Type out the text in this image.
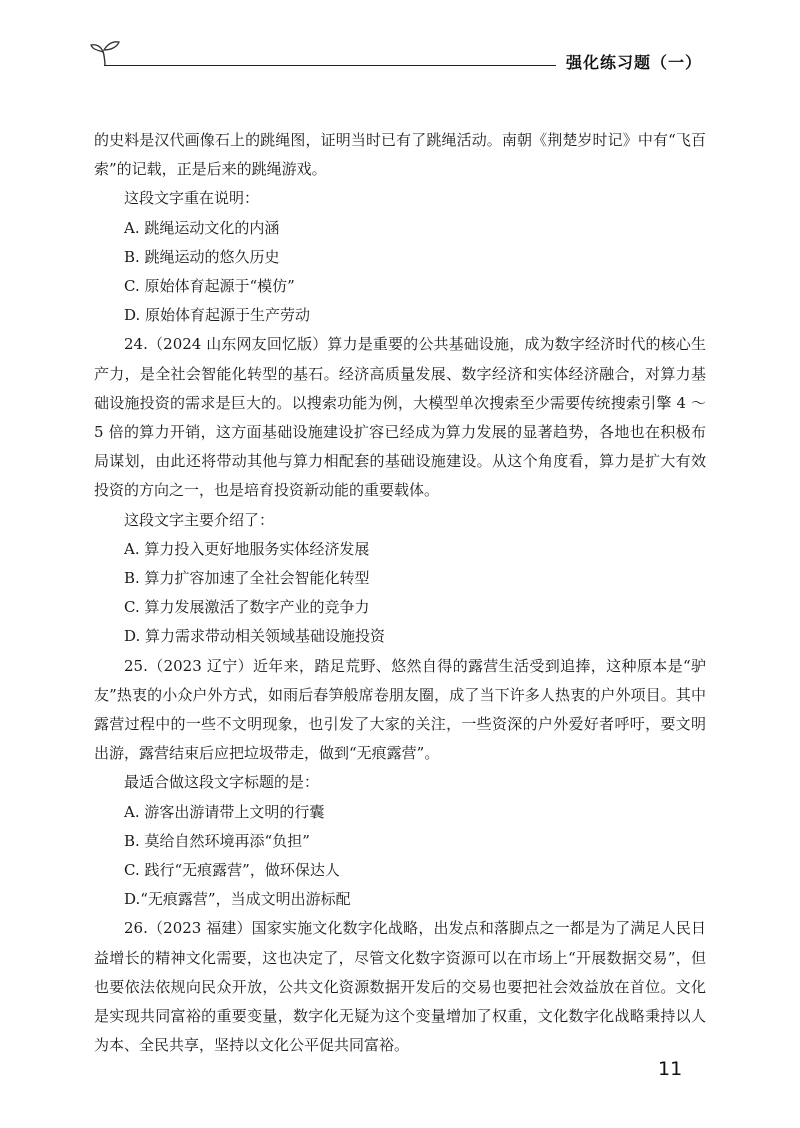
强化练习题（一）

的史料是汉代画像石上的跳绳图，证明当时已有了跳绳活动。南朝《荆楚岁时记》中有“飞百索”的记载，正是后来的跳绳游戏。

这段文字重在说明：

A. 跳绳运动文化的内涵

B. 跳绳运动的悠久历史

C. 原始体育起源于“模仿”

D. 原始体育起源于生产劳动

24.（2024 山东网友回忆版）算力是重要的公共基础设施，成为数字经济时代的核心生产力，是全社会智能化转型的基石。经济高质量发展、数字经济和实体经济融合，对算力基础设施投资的需求是巨大的。以搜索功能为例，大模型单次搜索至少需要传统搜索引擎 4 ～ 5 倍的算力开销，这方面基础设施建设扩容已经成为算力发展的显著趋势，各地也在积极布局谋划，由此还将带动其他与算力相配套的基础设施建设。从这个角度看，算力是扩大有效投资的方向之一，也是培育投资新动能的重要载体。

这段文字主要介绍了：

A. 算力投入更好地服务实体经济发展

B. 算力扩容加速了全社会智能化转型

C. 算力发展激活了数字产业的竞争力

D. 算力需求带动相关领域基础设施投资

25.（2023 辽宁）近年来，踏足荒野、悠然自得的露营生活受到追捧，这种原本是“驴友”热衷的小众户外方式，如雨后春笋般席卷朋友圈，成了当下许多人热衷的户外项目。其中露营过程中的一些不文明现象，也引发了大家的关注，一些资深的户外爱好者呼吁，要文明出游，露营结束后应把垃圾带走，做到“无痕露营”。

最适合做这段文字标题的是：

A. 游客出游请带上文明的行囊

B. 莫给自然环境再添“负担”

C. 践行“无痕露营”，做环保达人

D.“无痕露营”，当成文明出游标配

26.（2023 福建）国家实施文化数字化战略，出发点和落脚点之一都是为了满足人民日益增长的精神文化需要，这也决定了，尽管文化数字资源可以在市场上“开展数据交易”，但也要依法依规向民众开放，公共文化资源数据开发后的交易也要把社会效益放在首位。文化是实现共同富裕的重要变量，数字化无疑为这个变量增加了权重，文化数字化战略秉持以人为本、全民共享，坚持以文化公平促共同富裕。

11
